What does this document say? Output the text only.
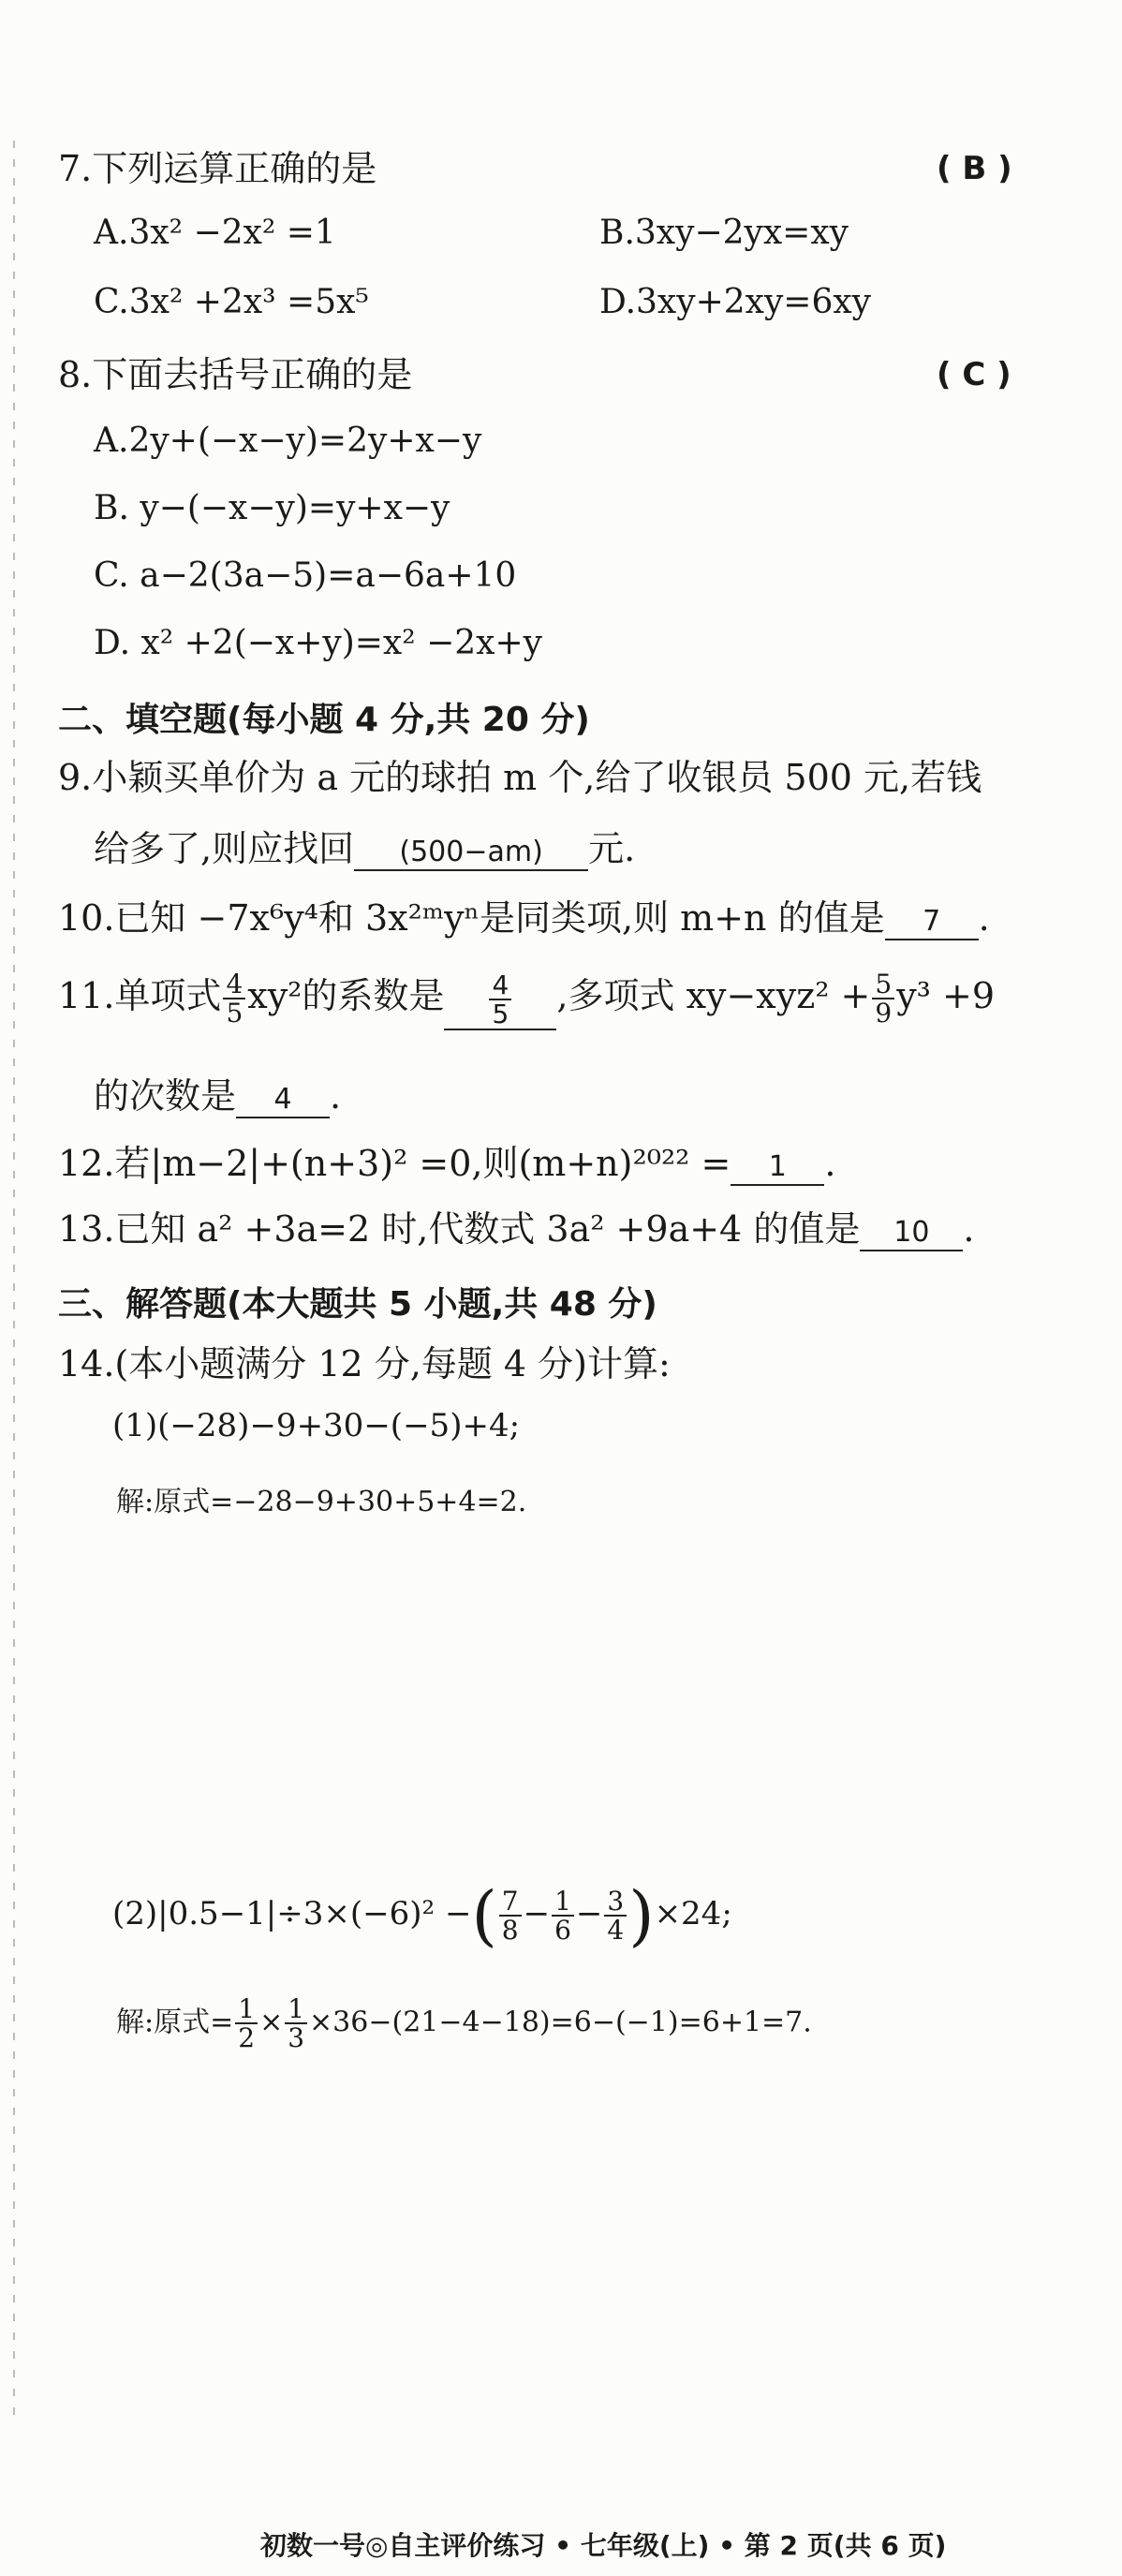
7.下列运算正确的是	( B )
A.3x² −2x² =1	B.3xy−2yx=xy
C.3x² +2x³ =5x⁵	D.3xy+2xy=6xy
8.下面去括号正确的是	( C )
A.2y+(−x−y)=2y+x−y
B. y−(−x−y)=y+x−y
C. a−2(3a−5)=a−6a+10
D. x² +2(−x+y)=x² −2x+y
二、填空题(每小题 4 分,共 20 分)
9.小颖买单价为 a 元的球拍 m 个,给了收银员 500 元,若钱
给多了,则应找回 (500−am) 元.
10.已知 −7x⁶y⁴和 3x²ᵐyⁿ是同类项,则 m+n 的值是 7 .
11.单项式 $\frac{4}{5} xy^2$的系数是 $\frac{4}{5}$ ,多项式 $xy-xyz^2 + \frac{5}{9} y^3 +9$
的次数是 4 .
12.若|m−2|+(n+3)² =0,则(m+n)²⁰²² = 1 .
13.已知 a² +3a=2 时,代数式 3a² +9a+4 的值是 10 .
三、解答题(本大题共 5 小题,共 48 分)
14.(本小题满分 12 分,每题 4 分)计算:
(1)(−28)−9+30−(−5)+4;
解:原式=−28−9+30+5+4=2.
(2)|0.5−1|÷3×(−6)² −( $\frac{7}{8} - \frac{1}{6} - \frac{3}{4} )\times 24$;
解:原式= $\frac{1}{2} \times \frac{1}{3} \times 36-(21-4-18)=6-(-1)=6+1=7$.
初数一号◎自主评价练习 • 七年级(上) • 第 2 页(共 6 页)
